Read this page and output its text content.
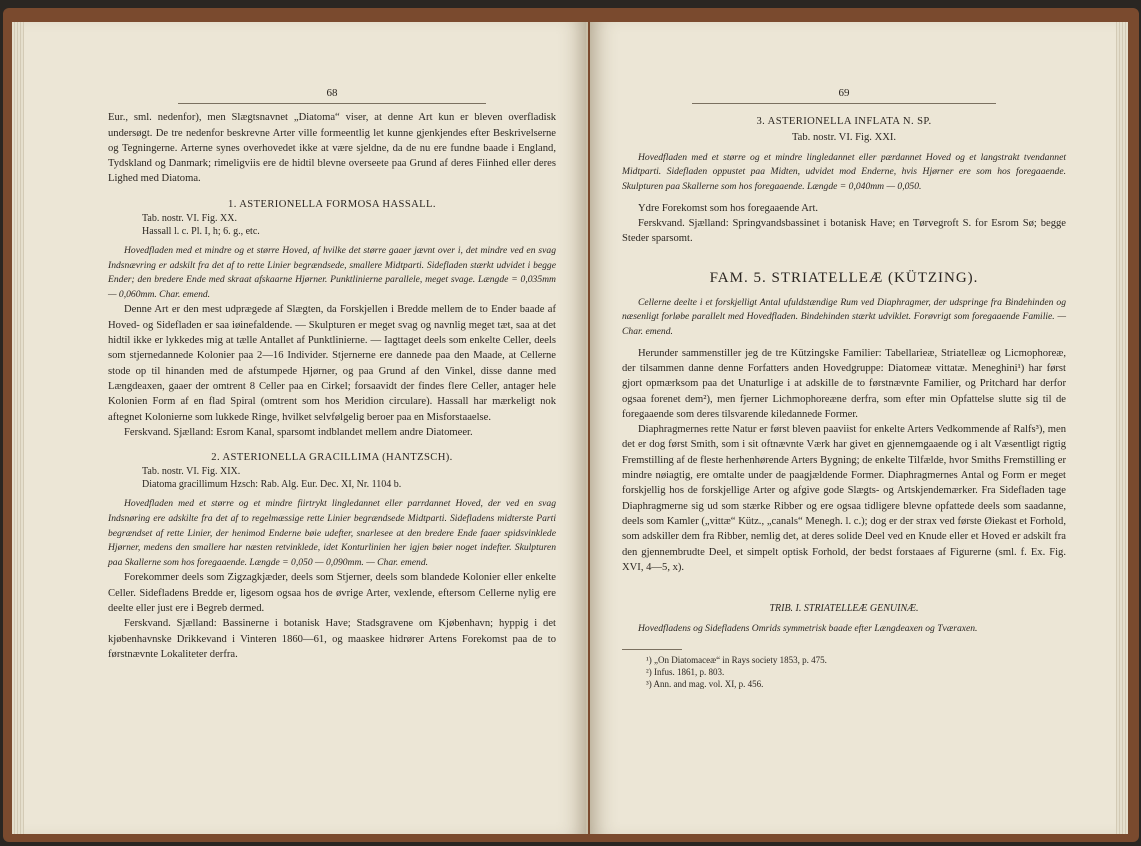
68

Eur., sml. nedenfor), men Slægtsnavnet „Diatoma“ viser, at denne Art kun er bleven overfladisk undersøgt. De tre nedenfor beskrevne Arter ville formeentlig let kunne gjenkjendes efter Beskrivelserne og Tegningerne. Arterne synes overhovedet ikke at være sjeldne, da de nu ere fundne baade i England, Tydskland og Danmark; rimeligviis ere de hidtil blevne overseete paa Grund af deres Fiinhed eller deres Lighed med Diatoma.

1. ASTERIONELLA FORMOSA HASSALL.
Tab. nostr. VI. Fig. XX.
Hassall l. c. Pl. I, h; 6. g., etc.

Hovedfladen med et mindre og et større Hoved, af hvilke det større gaaer jævnt over i, det mindre ved en svag Indsnævring er adskilt fra det af to rette Linier begrændsede, smallere Midtparti. Sidefladen stærkt udvidet i begge Ender; den bredere Ende med skraat afskaarne Hjørner. Punktlinierne parallele, meget svage. Længde = 0,035mm — 0,060mm. Char. emend.

Denne Art er den mest udprægede af Slægten, da Forskjellen i Bredde mellem de to Ender baade af Hoved- og Sidefladen er saa iøinefaldende. — Skulpturen er meget svag og navnlig meget tæt, saa at det hidtil ikke er lykkedes mig at tælle Antallet af Punktlinierne. — Iagttaget deels som enkelte Celler, deels som stjernedannede Kolonier paa 2—16 Individer. Stjernerne ere dannede paa den Maade, at Cellerne stode op til hinanden med de afstumpede Hjørner, og paa Grund af den Vinkel, disse danne med Længdeaxen, gaaer der omtrent 8 Celler paa en Cirkel; forsaavidt der findes flere Celler, antager hele Kolonien Form af en flad Spiral (omtrent som hos Meridion circulare). Hassall har mærkeligt nok aftegnet Kolonierne som lukkede Ringe, hvilket selvfølgelig beroer paa en Misforstaaelse.

Ferskvand. Sjælland: Esrom Kanal, sparsomt indblandet mellem andre Diatomeer.

2. ASTERIONELLA GRACILLIMA (HANTZSCH).
Tab. nostr. VI. Fig. XIX.
Diatoma gracillimum Hzsch: Rab. Alg. Eur. Dec. XI, Nr. 1104 b.

Hovedfladen med et større og et mindre fiirtrykt lingledannet eller parrdannet Hoved, der ved en svag Indsnøring ere adskilte fra det af to regelmæssige rette Linier begrændsede Midtparti. Sidefladens midterste Parti begrændset af rette Linier, der henimod Enderne bøie udefter, snarlesee at den bredere Ende faaer spidsvinklede Hjørner, medens den smallere har næsten retvinklede, idet Konturlinien her igjen bøier noget indefter. Skulpturen paa Skallerne som hos foregaaende. Længde = 0,050 — 0,090mm. — Char. emend.

Forekommer deels som Zigzagkjæder, deels som Stjerner, deels som blandede Kolonier eller enkelte Celler. Sidefladens Bredde er, ligesom ogsaa hos de øvrige Arter, vexlende, eftersom Cellerne nylig ere deelte eller just ere i Begreb dermed.

Ferskvand. Sjælland: Bassinerne i botanisk Have; Stadsgravene om Kjøbenhavn; hyppig i det kjøbenhavnske Drikkevand i Vinteren 1860—61, og maaskee hidrører Artens Forekomst paa de to førstnævnte Lokaliteter derfra.

69
3. ASTERIONELLA INFLATA N. SP.
Tab. nostr. VI. Fig. XXI.

Hovedfladen med et større og et mindre lingledannet eller pærdannet Hoved og et langstrakt tvendannet Midtparti. Sidefladen oppustet paa Midten, udvidet mod Enderne, hvis Hjørner ere som hos foregaaende. Skulpturen paa Skallerne som hos foregaaende. Længde = 0,040mm — 0,050.

Ydre Forekomst som hos foregaaende Art.

Ferskvand. Sjælland: Springvandsbassinet i botanisk Have; en Tørvegroft S. for Esrom Sø; begge Steder sparsomt.

FAM. 5. STRIATELLEÆ (KÜTZING).

Cellerne deelte i et forskjelligt Antal ufuldstændige Rum ved Diaphragmer, der udspringe fra Bindehinden og næsenligt forløbe parallelt med Hovedfladen. Bindehinden stærkt udviklet. Forøvrigt som foregaaende Familie. — Char. emend.

Herunder sammenstiller jeg de tre Kützingske Familier: Tabellarieæ, Striatelleæ og Licmophoreæ, der tilsammen danne denne Forfatters anden Hovedgruppe: Diatomeæ vittatæ. Meneghini¹) har først gjort opmærksom paa det Unaturlige i at adskille de to førstnævnte Familier, og Pritchard har derfor ogsaa forenet dem²), men fjerner Lichmophoreæne derfra, som efter min Opfattelse slutte sig til de foregaaende som deres tilsvarende kiledannede Former.

Diaphragmernes rette Natur er først bleven paaviist for enkelte Arters Vedkommende af Ralfs³), men det er dog først Smith, som i sit oftnævnte Værk har givet en gjennemgaaende og i alt Væsentligt rigtig Fremstilling af de fleste herhenhørende Arters Bygning; de enkelte Tilfælde, hvor Smiths Fremstilling er mindre nøiagtig, ere omtalte under de paagjældende Former. Diaphragmernes Antal og Form er meget forskjellig hos de forskjellige Arter og afgive gode Slægts- og Artskjendemærker. Fra Sidefladen tage Diaphragmerne sig ud som stærke Ribber og ere ogsaa tidligere blevne opfattede deels som saadanne, deels som Kamler („vittæ“ Kütz., „canals“ Menegh. l. c.); dog er der strax ved første Øiekast et Forhold, som adskiller dem fra Ribber, nemlig det, at deres solide Deel ved en Knude eller et Hoved er adskilt fra den gjennembrudte Deel, et simpelt optisk Forhold, der bedst forstaaes af Figurerne (sml. f. Ex. Fig. XVI, 4—5, x).

TRIB. I. STRIATELLEÆ GENUINÆ.

Hovedfladens og Sidefladens Omrids symmetrisk baade efter Længdeaxen og Tværaxen.

¹) „On Diatomaceæ“ in Rays society 1853, p. 475.
²) Infus. 1861, p. 803.
³) Ann. and mag. vol. XI, p. 456.
